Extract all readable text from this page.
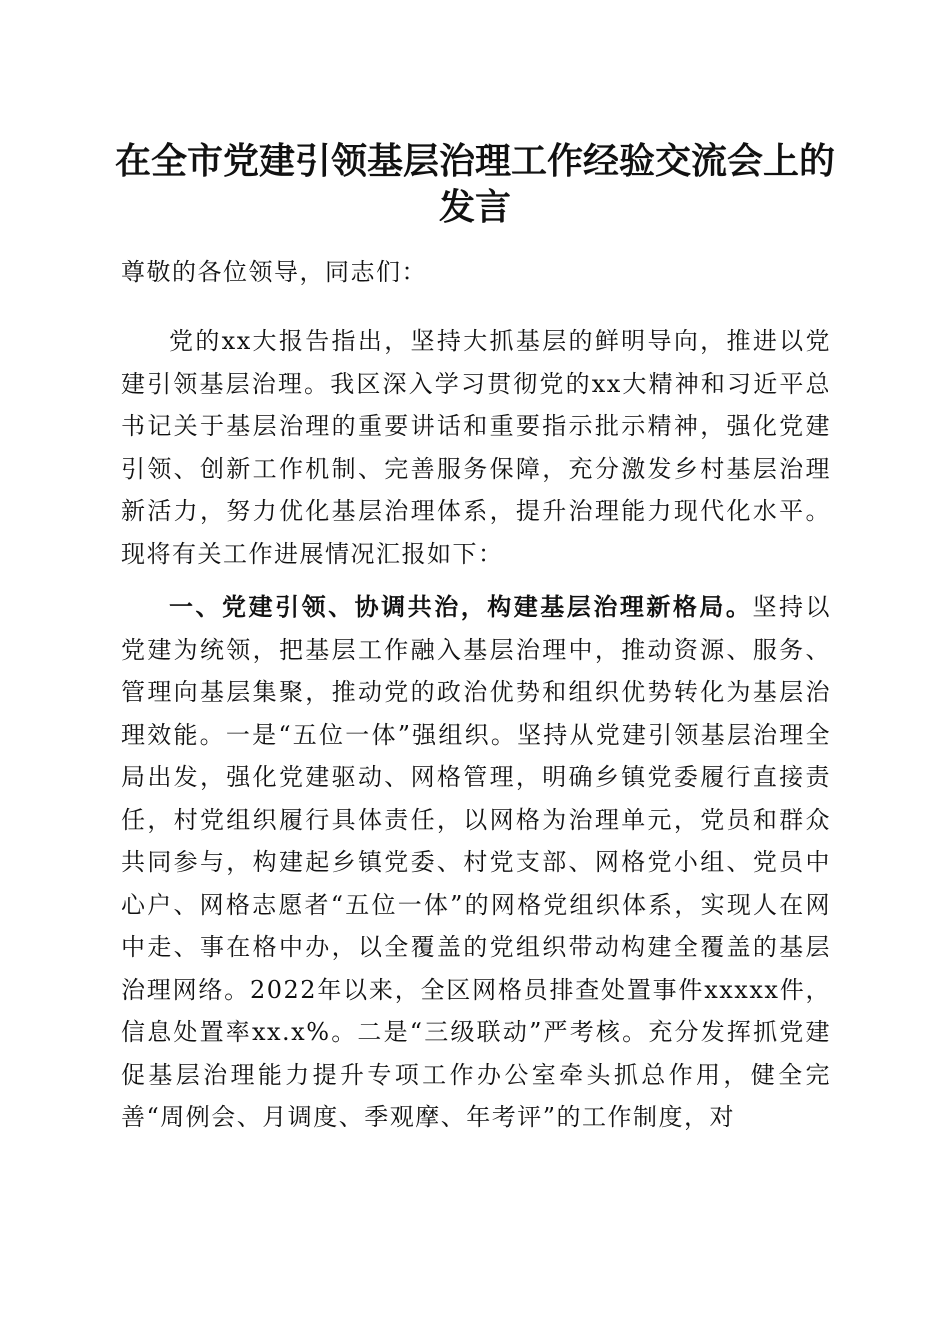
在全市党建引领基层治理工作经验交流会上的
发言

尊敬的各位领导，同志们：

党的xx大报告指出，坚持大抓基层的鲜明导向，推进以党建引领基层治理。我区深入学习贯彻党的xx大精神和习近平总书记关于基层治理的重要讲话和重要指示批示精神，强化党建引领、创新工作机制、完善服务保障，充分激发乡村基层治理新活力，努力优化基层治理体系，提升治理能力现代化水平。现将有关工作进展情况汇报如下：

一、党建引领、协调共治，构建基层治理新格局。坚持以党建为统领，把基层工作融入基层治理中，推动资源、服务、管理向基层集聚，推动党的政治优势和组织优势转化为基层治理效能。一是“五位一体”强组织。坚持从党建引领基层治理全局出发，强化党建驱动、网格管理，明确乡镇党委履行直接责任，村党组织履行具体责任，以网格为治理单元，党员和群众共同参与，构建起乡镇党委、村党支部、网格党小组、党员中心户、网格志愿者“五位一体”的网格党组织体系，实现人在网中走、事在格中办，以全覆盖的党组织带动构建全覆盖的基层治理网络。2022年以来，全区网格员排查处置事件xxxxx件，信息处置率xx.x%。二是“三级联动”严考核。充分发挥抓党建促基层治理能力提升专项工作办公室牵头抓总作用，健全完善“周例会、月调度、季观摩、年考评”的工作制度，对
